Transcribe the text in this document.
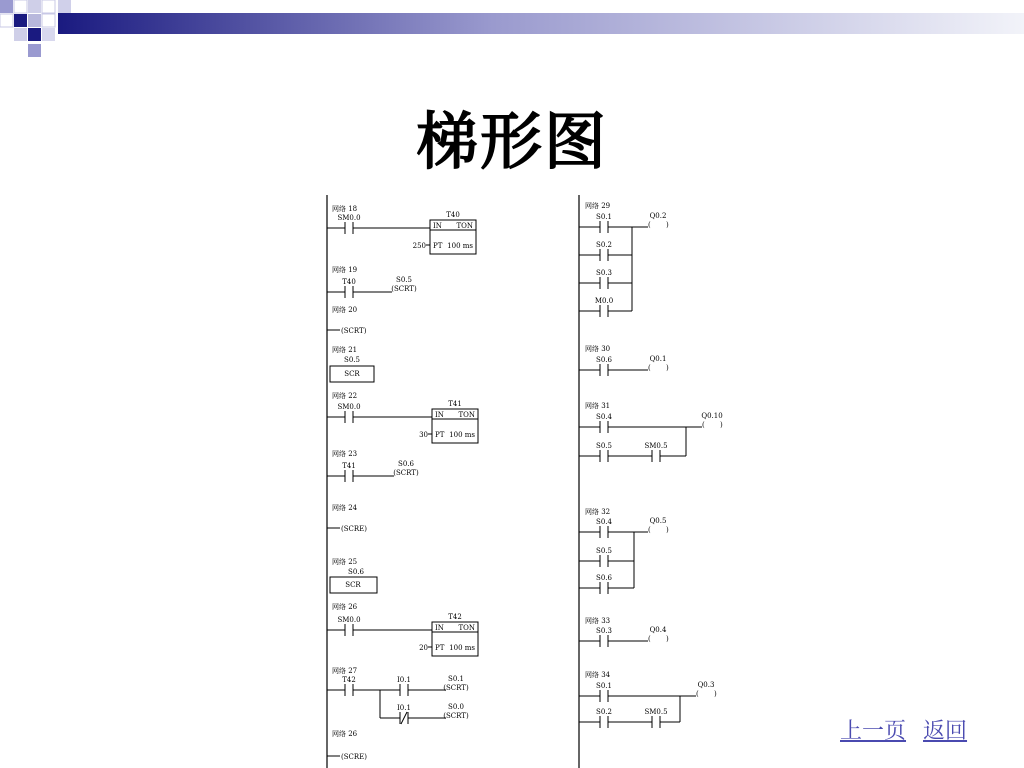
梯形图
网络 18
SM0.0	T40
IN TON
PT 100 ms
250
网络 19
T40	S0.5
(SCRT)
网络 20
(SCRT)
网络 21
S0.5
SCR
网络 22
SM0.0	T41
IN TON
PT 100 ms
30
网络 23
T41	S0.6
(SCRT)
网络 24
(SCRE)
网络 25
S0.6
SCR
网络 26
SM0.0	T42
IN TON
PT 100 ms
20
网络 27
T42	I0.1	S0.1
(SCRT)
I0.1	S0.0
(SCRT)
网络 26
(SCRE)
网络 29
S0.1
S0.2
S0.3
M0.0
Q0.2
( )
网络 30
S0.6	Q0.1
( )
网络 31
S0.4	Q0.10
( )
S0.5	SM0.5
网络 32
S0.4
S0.5
S0.6
Q0.5
( )
网络 33
S0.3	Q0.4
( )
网络 34
S0.1	Q0.3
( )
S0.2	SM0.5
上一页 返回
